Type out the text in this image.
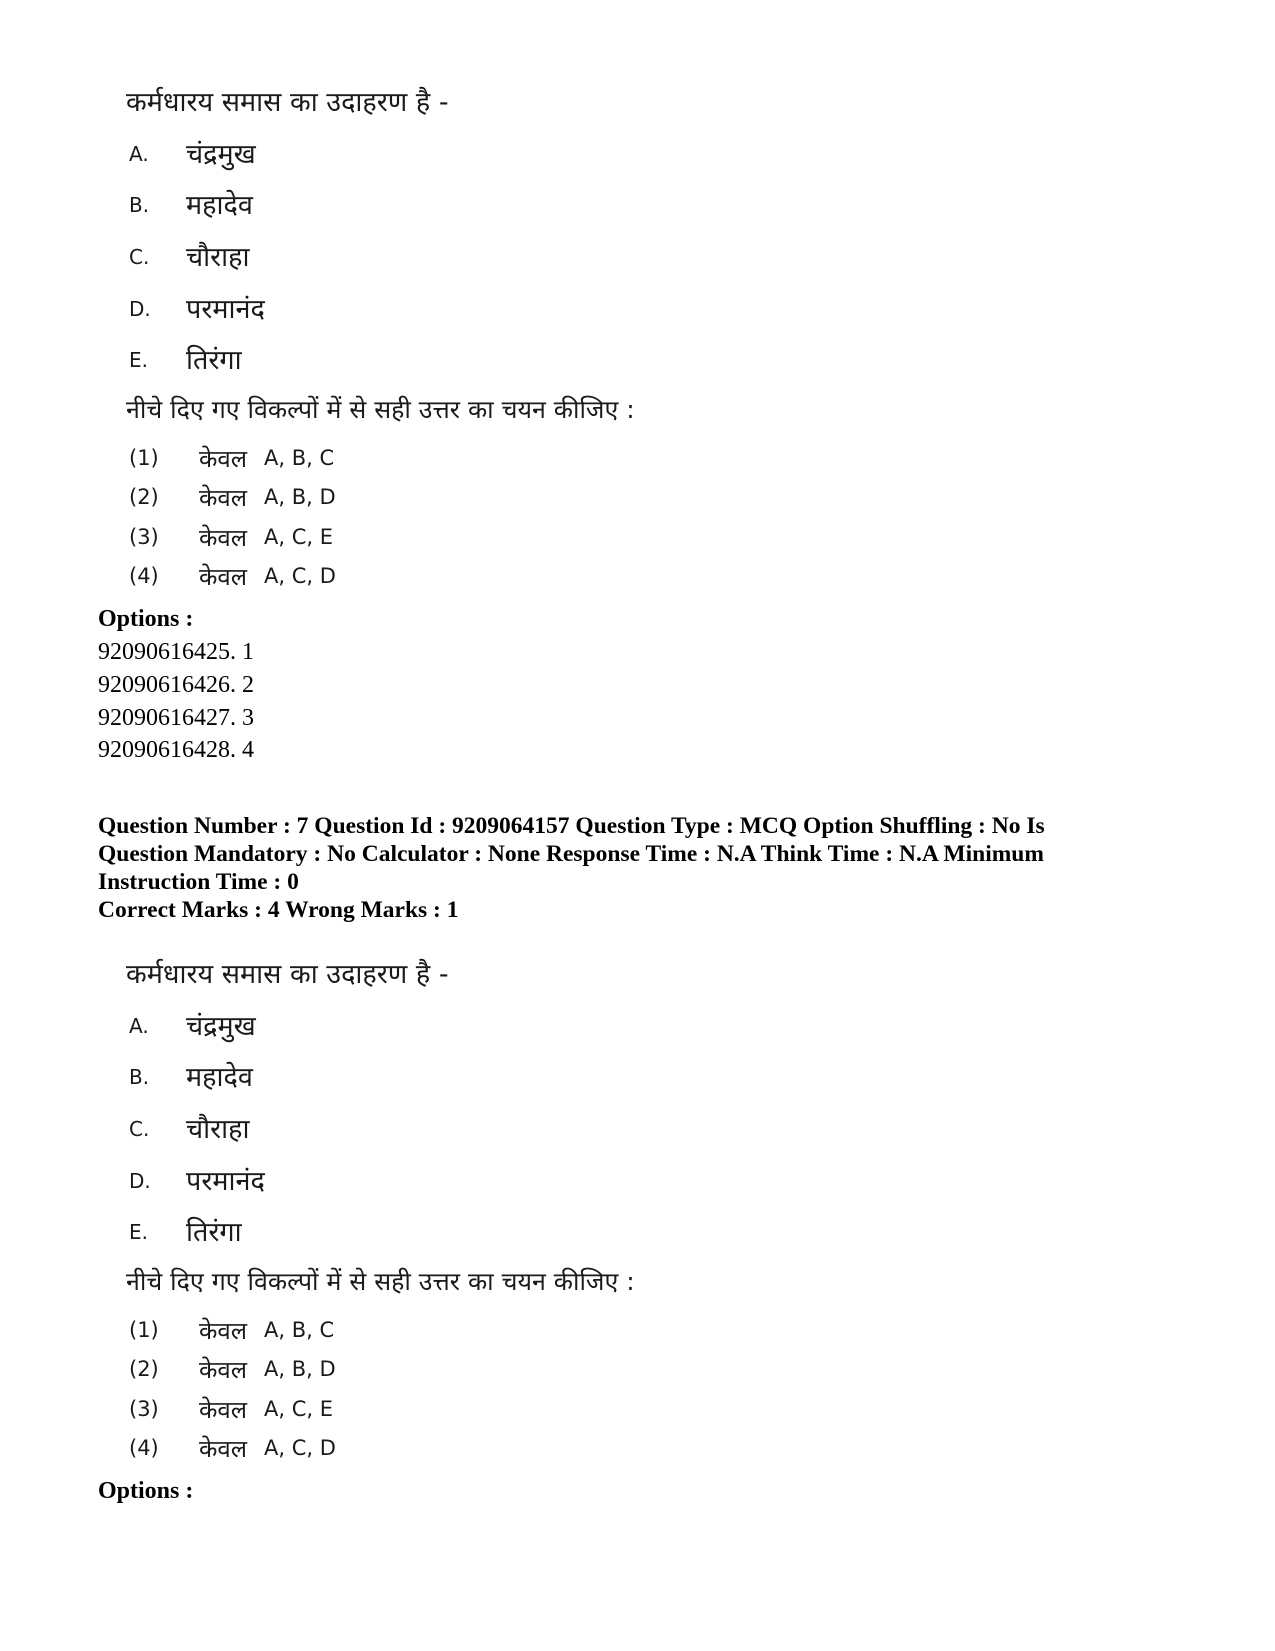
कर्मधारय समास का उदाहरण है -
A. चंद्रमुख
B. महादेव
C. चौराहा
D. परमानंद
E. तिरंगा
नीचे दिए गए विकल्पों में से सही उत्तर का चयन कीजिए :
(1) केवल A, B, C
(2) केवल A, B, D
(3) केवल A, C, E
(4) केवल A, C, D
Options :
92090616425. 1
92090616426. 2
92090616427. 3
92090616428. 4
Question Number : 7 Question Id : 9209064157 Question Type : MCQ Option Shuffling : No Is
Question Mandatory : No Calculator : None Response Time : N.A Think Time : N.A Minimum
Instruction Time : 0
Correct Marks : 4 Wrong Marks : 1
कर्मधारय समास का उदाहरण है -
A. चंद्रमुख
B. महादेव
C. चौराहा
D. परमानंद
E. तिरंगा
नीचे दिए गए विकल्पों में से सही उत्तर का चयन कीजिए :
(1) केवल A, B, C
(2) केवल A, B, D
(3) केवल A, C, E
(4) केवल A, C, D
Options :
